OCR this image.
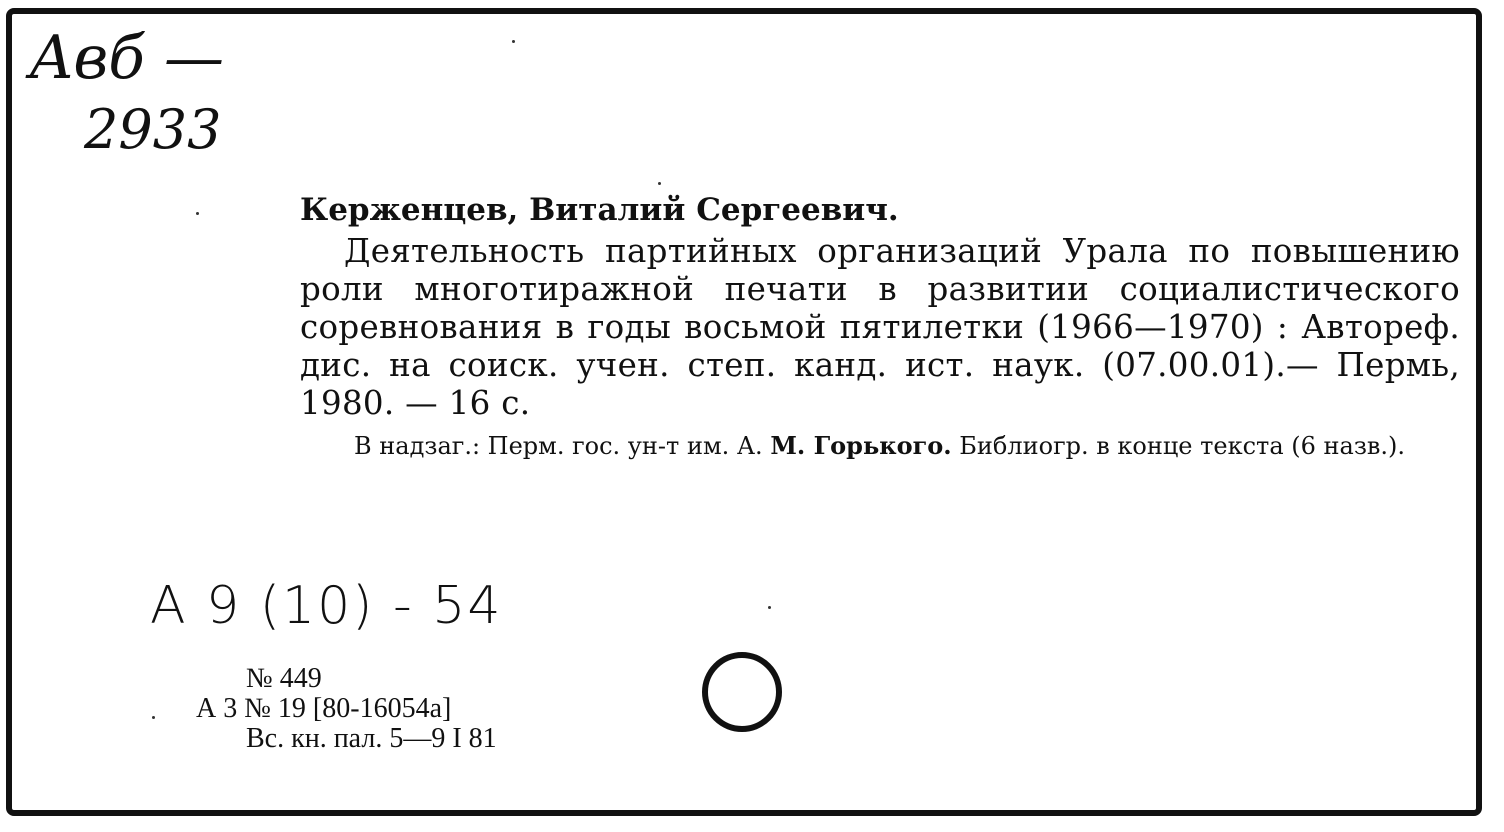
Aвб —
2933

Керженцев, Виталий Сергеевич.

Деятельность партийных организаций Урала по повышению роли многотиражной печати в развитии социалистического соревнования в годы восьмой пятилетки (1966—1970) : Автореф. дис. на соиск. учен. степ. канд. ист. наук. (07.00.01).— Пермь, 1980. — 16 с.

В надзаг.: Перм. гос. ун-т им. А. М. Горького. Библиогр. в конце текста (6 назв.).

А 9 (10) - 54
№ 449
А 3 № 19 [80-16054а]
Вс. кн. пал. 5—9 I 81
